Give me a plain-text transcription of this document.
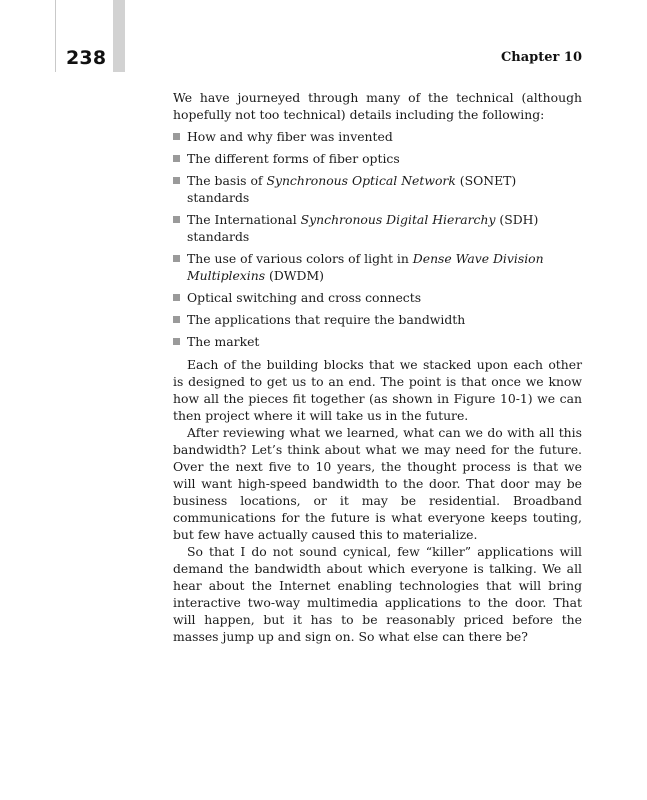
238	Chapter 10

We have journeyed through many of the technical (although hopefully not too technical) details including the following:

How and why fiber was invented
The different forms of fiber optics
The basis of Synchronous Optical Network (SONET) standards
The International Synchronous Digital Hierarchy (SDH) standards
The use of various colors of light in Dense Wave Division Multiplexins (DWDM)
Optical switching and cross connects
The applications that require the bandwidth
The market

Each of the building blocks that we stacked upon each other is designed to get us to an end. The point is that once we know how all the pieces fit together (as shown in Figure 10-1) we can then project where it will take us in the future.

After reviewing what we learned, what can we do with all this bandwidth? Let’s think about what we may need for the future. Over the next five to 10 years, the thought process is that we will want high-speed bandwidth to the door. That door may be business locations, or it may be residential. Broadband communications for the future is what everyone keeps touting, but few have actually caused this to materialize.

So that I do not sound cynical, few “killer” applications will demand the bandwidth about which everyone is talking. We all hear about the Internet enabling technologies that will bring interactive two-way multimedia applications to the door. That will happen, but it has to be reasonably priced before the masses jump up and sign on. So what else can there be?
